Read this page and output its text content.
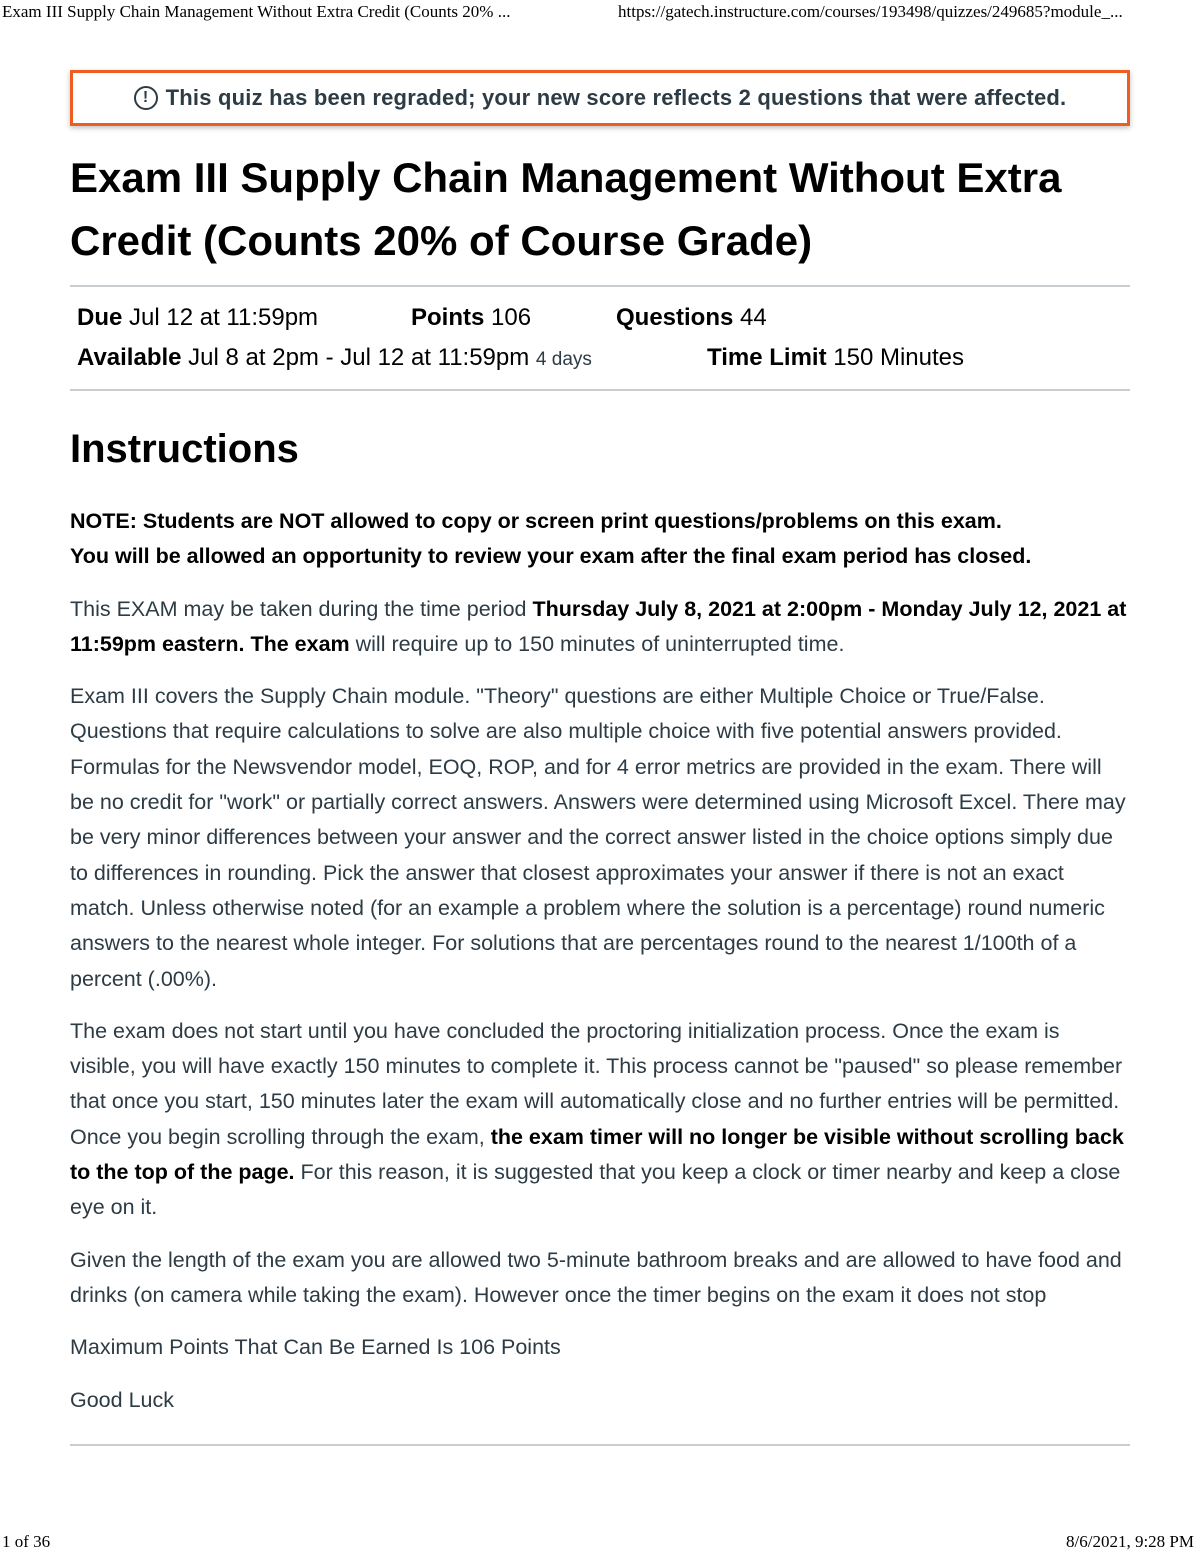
Exam III Supply Chain Management Without Extra Credit (Counts 20% ...	https://gatech.instructure.com/courses/193498/quizzes/249685?module_...
! This quiz has been regraded; your new score reflects 2 questions that were affected.
Exam III Supply Chain Management Without Extra Credit (Counts 20% of Course Grade)
Due Jul 12 at 11:59pm	Points 106	Questions 44
Available Jul 8 at 2pm - Jul 12 at 11:59pm 4 days	Time Limit 150 Minutes
Instructions

NOTE: Students are NOT allowed to copy or screen print questions/problems on this exam.
You will be allowed an opportunity to review your exam after the final exam period has closed.

This EXAM may be taken during the time period Thursday July 8, 2021 at 2:00pm - Monday July 12, 2021 at 11:59pm eastern. The exam will require up to 150 minutes of uninterrupted time.

Exam III covers the Supply Chain module. "Theory" questions are either Multiple Choice or True/False. Questions that require calculations to solve are also multiple choice with five potential answers provided. Formulas for the Newsvendor model, EOQ, ROP, and for 4 error metrics are provided in the exam. There will be no credit for "work" or partially correct answers. Answers were determined using Microsoft Excel. There may be very minor differences between your answer and the correct answer listed in the choice options simply due to differences in rounding. Pick the answer that closest approximates your answer if there is not an exact match. Unless otherwise noted (for an example a problem where the solution is a percentage) round numeric answers to the nearest whole integer. For solutions that are percentages round to the nearest 1/100th of a percent (.00%).

The exam does not start until you have concluded the proctoring initialization process. Once the exam is visible, you will have exactly 150 minutes to complete it. This process cannot be "paused" so please remember that once you start, 150 minutes later the exam will automatically close and no further entries will be permitted. Once you begin scrolling through the exam, the exam timer will no longer be visible without scrolling back to the top of the page. For this reason, it is suggested that you keep a clock or timer nearby and keep a close eye on it.

Given the length of the exam you are allowed two 5-minute bathroom breaks and are allowed to have food and drinks (on camera while taking the exam). However once the timer begins on the exam it does not stop

Maximum Points That Can Be Earned Is 106 Points

Good Luck

1 of 36	8/6/2021, 9:28 PM
